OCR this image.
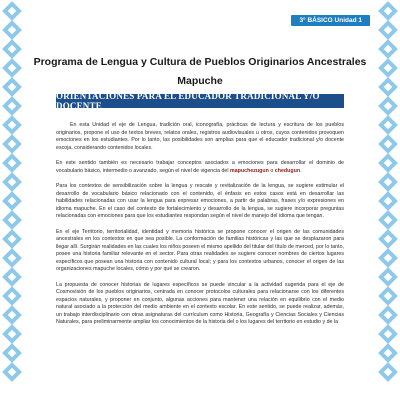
3° BÁSICO Unidad 1
Programa de Lengua y Cultura de Pueblos Originarios Ancestrales
Mapuche
ORIENTACIONES PARA EL EDUCADOR TRADICIONAL Y/O DOCENTE

En esta Unidad el eje de Lengua, tradición oral, iconografía, prácticas de lectura y escritura de los pueblos originarios, propone el uso de textos breves, relatos orales, registros audiovisuales u otros, cuyos contenidos provoquen emociones en los estudiantes. Por lo tanto, las posibilidades son amplias para que el educador tradicional y/o docente escoja, considerando contenidos locales.

En este sentido también es necesario trabajar conceptos asociados a emociones para desarrollar el dominio de vocabulario básico, intermedio o avanzado, según el nivel de vigencia del mapuchezugun o chedugun.

Para los contextos de sensibilización sobre la lengua y rescate y revitalización de la lengua, se sugiere estimular el desarrollo de vocabulario básico relacionado con el contenido, el énfasis en estos casos está en desarrollar las habilidades relacionadas con usar la lengua para expresar emociones, a partir de palabras, frases y/o expresiones en idioma mapuche. En el caso del contexto de fortalecimiento y desarrollo de la lengua, se sugiere incorporar preguntas relacionadas con emociones para que los estudiantes respondan según el nivel de manejo del idioma que tengan.

En el eje Territorio, territorialidad, identidad y memoria histórica se propone conocer el origen de las comunidades ancestrales en los contextos en que sea posible. La conformación de familias históricas y las que se desplazaron para llegar allí. Surgirán realidades en las cuales los niños poseen el mismo apellido del titular del título de merced, por lo tanto, posee una historia familiar relevante en el sector. Para otras realidades se sugiere conocer nombres de ciertos lugares específicos que posean una historia con contenido cultural local; y para los contextos urbanos, conocer el origen de las organizaciones mapuche locales, cómo y por qué se crearon.

La propuesta de conocer historias de lugares específicos se puede vincular a la actividad sugerida para el eje de Cosmovisión de los pueblos originarios, centrada en conocer protocolos culturales para relacionarse con los diferentes espacios naturales, y proponer en conjunto, algunas acciones para mantener una relación en equilibrio con el medio natural asociado a la protección del medio ambiente en el contexto escolar. En este sentido, se puede realizar, además, un trabajo interdisciplinario con otras asignaturas del currículum como Historia, Geografía y Ciencias Sociales y Ciencias Naturales, para preliminarmente ampliar los conocimientos de la historia del o los lugares del territorio en estudio y de la
